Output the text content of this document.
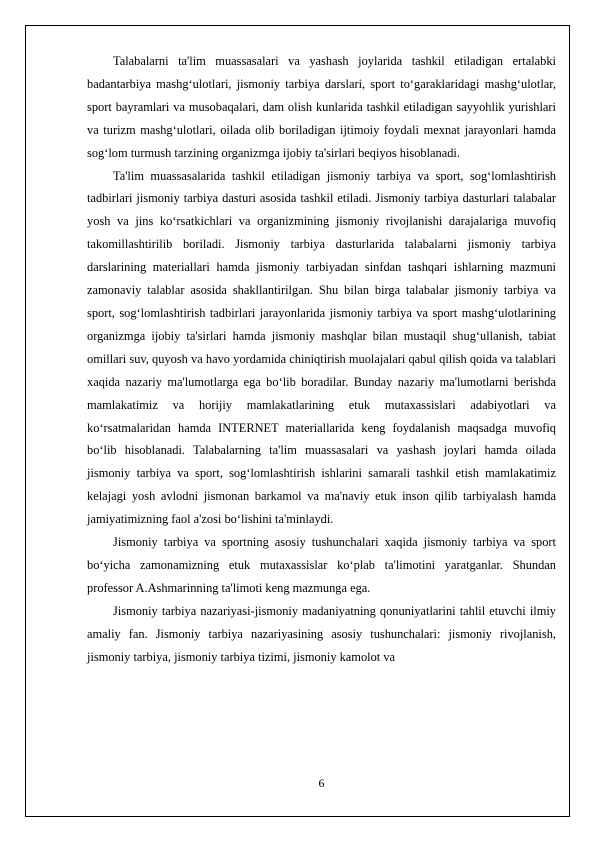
Talabalarni ta'lim muassasalari va yashash joylarida tashkil etiladigan ertalabki badantarbiya mashg‘ulotlari, jismoniy tarbiya darslari, sport to‘garaklaridagi mashg‘ulotlar, sport bayramlari va musobaqalari, dam olish kunlarida tashkil etiladigan sayyohlik yurishlari va turizm mashg‘ulotlari, oilada olib boriladigan ijtimoiy foydali mexnat jarayonlari hamda sog‘lom turmush tarzining organizmga ijobiy ta'sirlari beqiyos hisoblanadi.

Ta'lim muassasalarida tashkil etiladigan jismoniy tarbiya va sport, sog‘lomlashtirish tadbirlari jismoniy tarbiya dasturi asosida tashkil etiladi. Jismoniy tarbiya dasturlari talabalar yosh va jins ko‘rsatkichlari va organizmining jismoniy rivojlanishi darajalariga muvofiq takomillashtirilib boriladi. Jismoniy tarbiya dasturlarida talabalarni jismoniy tarbiya darslarining materiallari hamda jismoniy tarbiyadan sinfdan tashqari ishlarning mazmuni zamonaviy talablar asosida shakllantirilgan. Shu bilan birga talabalar jismoniy tarbiya va sport, sog‘lomlashtirish tadbirlari jarayonlarida jismoniy tarbiya va sport mashg‘ulotlarining organizmga ijobiy ta'sirlari hamda jismoniy mashqlar bilan mustaqil shug‘ullanish, tabiat omillari suv, quyosh va havo yordamida chiniqtirish muolajalari qabul qilish qoida va talablari xaqida nazariy ma'lumotlarga ega bo‘lib boradilar. Bunday nazariy ma'lumotlarni berishda mamlakatimiz va horijiy mamlakatlarining etuk mutaxassislari adabiyotlari va ko‘rsatmalaridan hamda INTERNET materiallarida keng foydalanish maqsadga muvofiq bo‘lib hisoblanadi. Talabalarning ta'lim muassasalari va yashash joylari hamda oilada jismoniy tarbiya va sport, sog‘lomlashtirish ishlarini samarali tashkil etish mamlakatimiz kelajagi yosh avlodni jismonan barkamol va ma'naviy etuk inson qilib tarbiyalash hamda jamiyatimizning faol a'zosi bo‘lishini ta'minlaydi.

Jismoniy tarbiya va sportning asosiy tushunchalari xaqida jismoniy tarbiya va sport bo‘yicha zamonamizning etuk mutaxassislar ko‘plab ta'limotini yaratganlar. Shundan professor A.Ashmarinning ta'limoti keng mazmunga ega.

Jismoniy tarbiya nazariyasi-jismoniy madaniyatning qonuniyatlarini tahlil etuvchi ilmiy amaliy fan. Jismoniy tarbiya nazariyasining asosiy tushunchalari: jismoniy rivojlanish, jismoniy tarbiya, jismoniy tarbiya tizimi, jismoniy kamolot va

6
